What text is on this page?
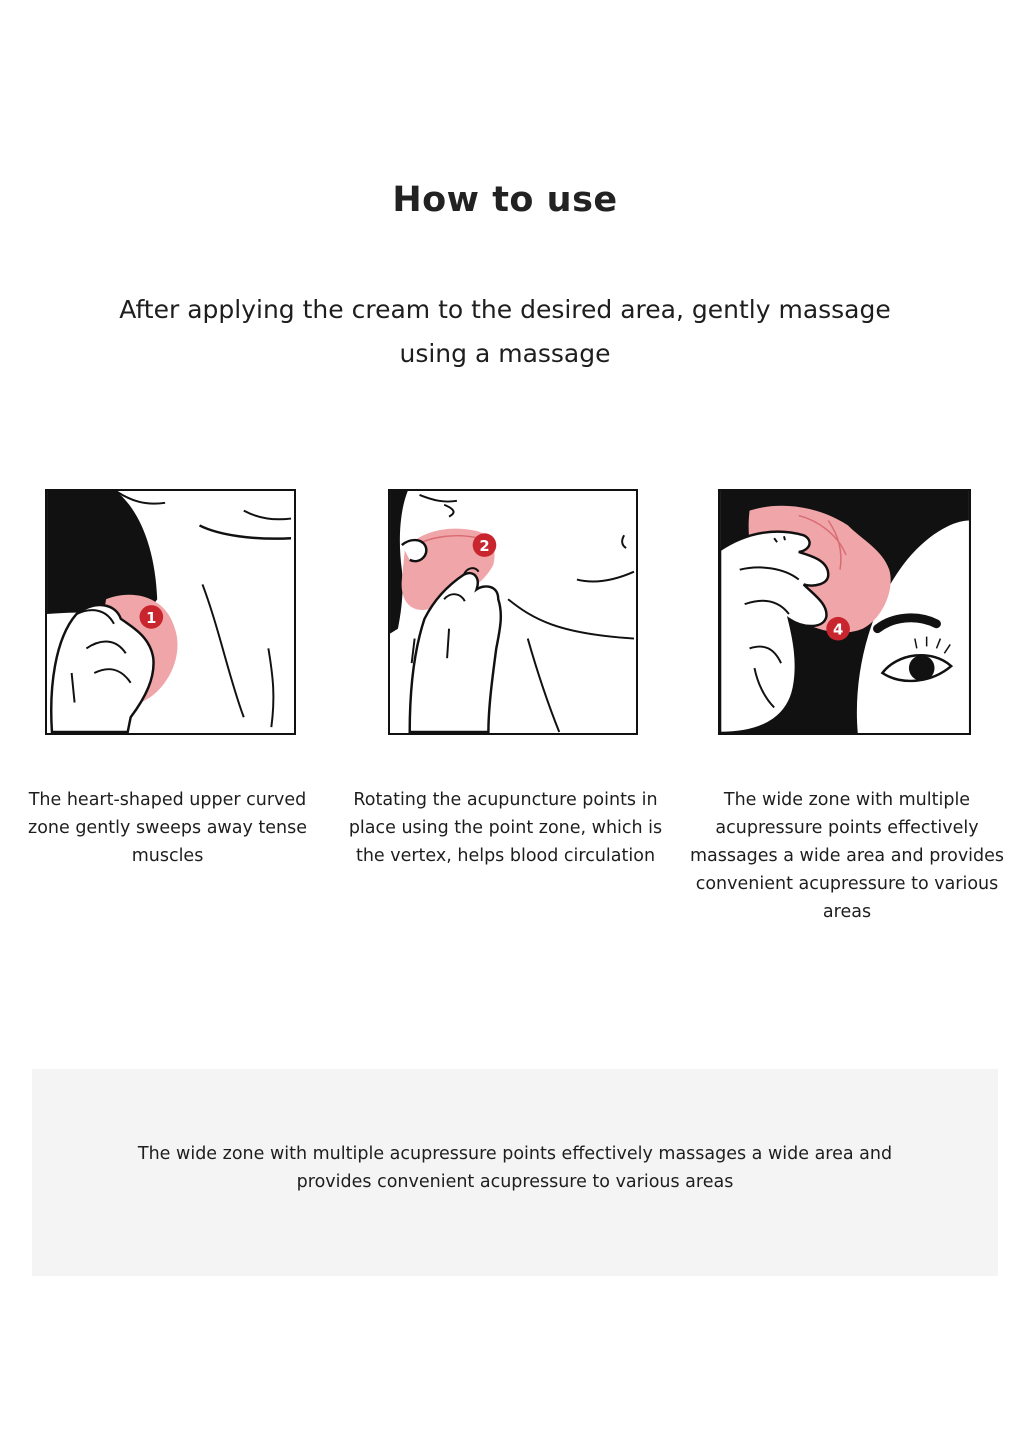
How to use
After applying the cream to the desired area, gently massage using a massage
1
2
4
The heart-shaped upper curved zone gently sweeps away tense muscles
Rotating the acupuncture points in place using the point zone, which is the vertex, helps blood circulation
The wide zone with multiple acupressure points effectively massages a wide area and provides convenient acupressure to various areas
The wide zone with multiple acupressure points effectively massages a wide area and provides convenient acupressure to various areas
